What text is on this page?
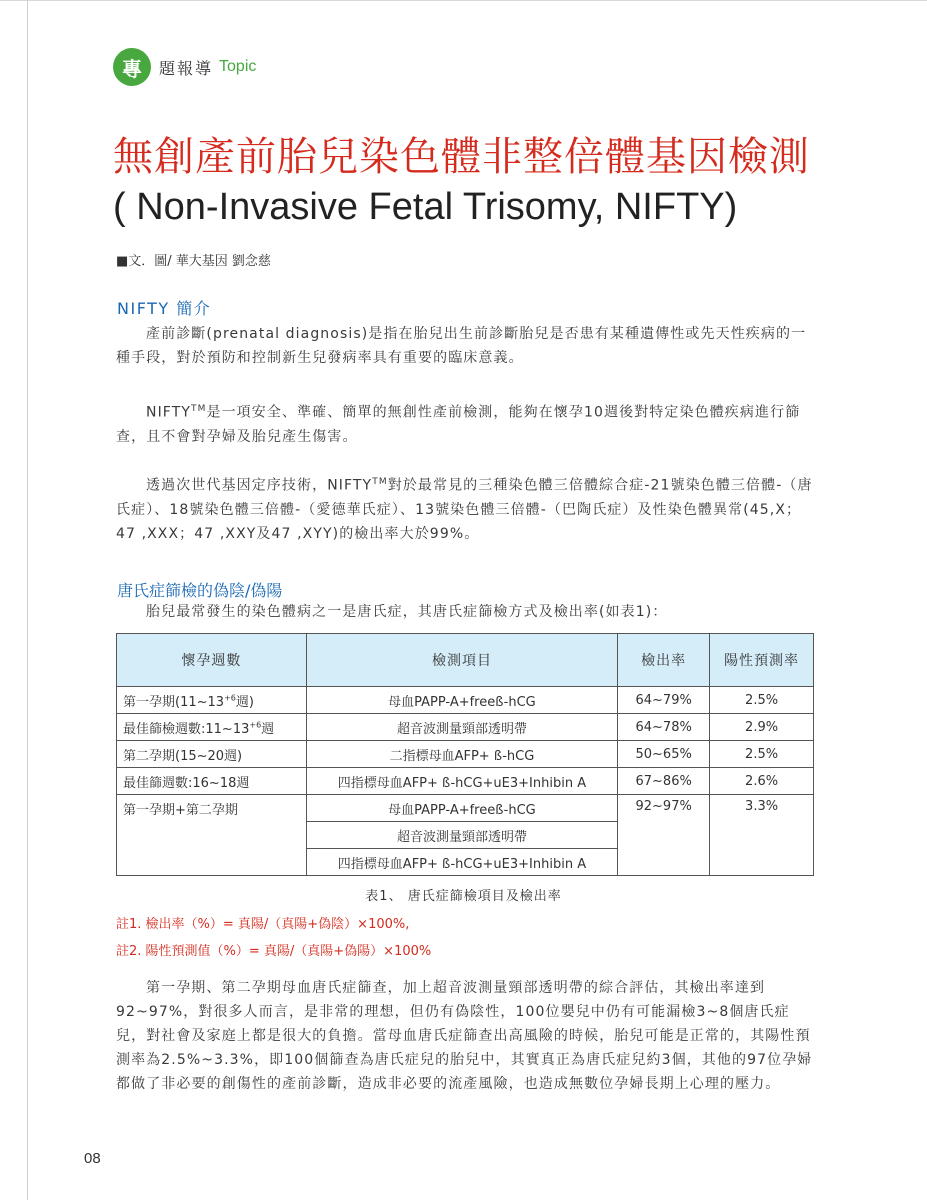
專	題報導 Topic
無創產前胎兒染色體非整倍體基因檢測
( Non-Invasive Fetal Trisomy, NIFTY)
■文．圖/ 華大基因 劉念慈
NIFTY 簡介
產前診斷(prenatal diagnosis)是指在胎兒出生前診斷胎兒是否患有某種遺傳性或先天性疾病的一種手段，對於預防和控制新生兒發病率具有重要的臨床意義。
NIFTY™是一項安全、準確、簡單的無創性產前檢測，能夠在懷孕10週後對特定染色體疾病進行篩查，且不會對孕婦及胎兒產生傷害。
透過次世代基因定序技術，NIFTY™對於最常見的三種染色體三倍體綜合症-21號染色體三倍體-（唐氏症）、18號染色體三倍體-（愛德華氏症）、13號染色體三倍體-（巴陶氏症）及性染色體異常(45,X；47 ,XXX；47 ,XXY及47 ,XYY)的檢出率大於99%。
唐氏症篩檢的偽陰/偽陽
胎兒最常發生的染色體病之一是唐氏症，其唐氏症篩檢方式及檢出率(如表1)：
懷孕週數	檢測項目	檢出率	陽性預測率
第一孕期($11\sim 13^{+6}$週)	母血PAPP-A+freeß-hCG	64~79%	2.5%
最佳篩檢週數$:11\sim 13^{+6}$週	超音波測量頸部透明帶	64~78%	2.9%
第二孕期(15~20週)	二指標母血AFP+ ß-hCG	50~65%	2.5%
最佳篩週數:16~18週	四指標母血AFP+ ß-hCG+uE3+Inhibin A	67~86%	2.6%
第一孕期+第二孕期	母血PAPP-A+freeß-hCG	92~97%	3.3%
	超音波測量頸部透明帶		
	四指標母血AFP+ ß-hCG+uE3+Inhibin A		
表1、 唐氏症篩檢項目及檢出率
註1. 檢出率（%）= 真陽/（真陽+偽陰）×100%,
註2. 陽性預測值（%）= 真陽/（真陽+偽陽）×100%
第一孕期、第二孕期母血唐氏症篩查，加上超音波測量頸部透明帶的綜合評估，其檢出率達到92~97%，對很多人而言，是非常的理想，但仍有偽陰性，100位嬰兒中仍有可能漏檢3~8個唐氏症兒，對社會及家庭上都是很大的負擔。當母血唐氏症篩查出高風險的時候，胎兒可能是正常的，其陽性預測率為2.5%~3.3%，即100個篩查為唐氏症兒的胎兒中，其實真正為唐氏症兒約3個，其他的97位孕婦都做了非必要的創傷性的產前診斷，造成非必要的流產風險，也造成無數位孕婦長期上心理的壓力。
08
